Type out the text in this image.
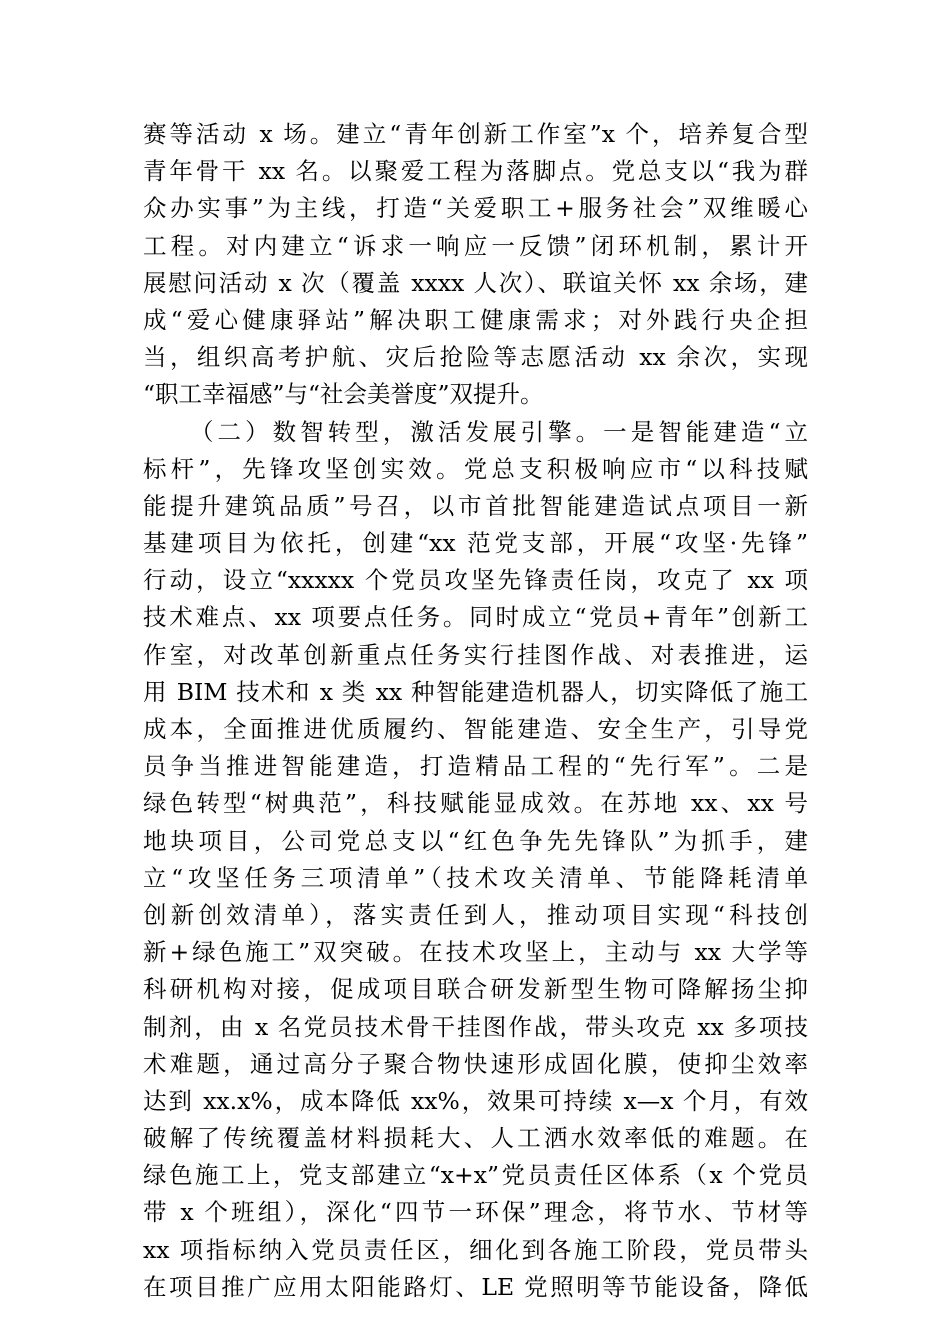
赛等活动 x 场。建立“青年创新工作室”x 个，培养复合型
青年骨干 xx 名。以聚爱工程为落脚点。党总支以“我为群
众办实事”为主线，打造“关爱职工+服务社会”双维暖心
工程。对内建立“诉求一响应一反馈”闭环机制，累计开
展慰问活动 x 次（覆盖 xxxx 人次）、联谊关怀 xx 余场，建
成“爱心健康驿站”解决职工健康需求；对外践行央企担
当，组织高考护航、灾后抢险等志愿活动 xx 余次，实现
“职工幸福感”与“社会美誉度”双提升。
（二）数智转型，激活发展引擎。一是智能建造“立
标杆”，先锋攻坚创实效。党总支积极响应市“以科技赋
能提升建筑品质”号召，以市首批智能建造试点项目一新
基建项目为依托，创建“xx 范党支部，开展“攻坚·先锋”
行动，设立“xxxxx 个党员攻坚先锋责任岗，攻克了 xx 项
技术难点、xx 项要点任务。同时成立“党员+青年”创新工
作室，对改革创新重点任务实行挂图作战、对表推进，运
用 BIM 技术和 x 类 xx 种智能建造机器人，切实降低了施工
成本，全面推进优质履约、智能建造、安全生产，引导党
员争当推进智能建造，打造精品工程的“先行军”。二是
绿色转型“树典范”，科技赋能显成效。在苏地 xx、xx 号
地块项目，公司党总支以“红色争先先锋队”为抓手，建
立“攻坚任务三项清单”（技术攻关清单、节能降耗清单
创新创效清单），落实责任到人，推动项目实现“科技创
新+绿色施工”双突破。在技术攻坚上，主动与 xx 大学等
科研机构对接，促成项目联合研发新型生物可降解扬尘抑
制剂，由 x 名党员技术骨干挂图作战，带头攻克 xx 多项技
术难题，通过高分子聚合物快速形成固化膜，使抑尘效率
达到 xx.x%，成本降低 xx%，效果可持续 x—x 个月，有效
破解了传统覆盖材料损耗大、人工洒水效率低的难题。在
绿色施工上，党支部建立“x+x”党员责任区体系（x 个党员
带 x 个班组），深化“四节一环保”理念，将节水、节材等
xx 项指标纳入党员责任区，细化到各施工阶段，党员带头
在项目推广应用太阳能路灯、LE 党照明等节能设备，降低
